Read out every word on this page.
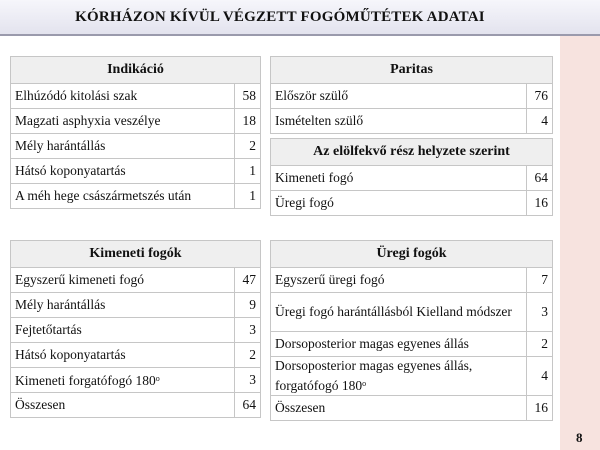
KÓRHÁZON KÍVÜL VÉGZETT FOGÓMŰTÉTEK ADATAI
8
Indikáció	
Elhúzódó kitolási szak	58
Magzati asphyxia veszélye	18
Mély harántállás	2
Hátsó koponyatartás	1
A méh hege császármetszés után	1
Paritas	
Először szülő	76
Ismételten szülő	4
Az elölfekvő rész helyzete szerint	
Kimeneti fogó	64
Üregi fogó	16
Kimeneti fogók	
Egyszerű kimeneti fogó	47
Mély harántállás	9
Fejtetőtartás	3
Hátsó koponyatartás	2
Kimeneti forgatófogó 180$^o$	3
Összesen	64
Üregi fogók	
Egyszerű üregi fogó	7
Üregi fogó harántállásból Kielland módszer	3
Dorsoposterior magas egyenes állás	2
Dorsoposterior magas egyenes állás, forgatófogó 180$^o$	4
Összesen	16
